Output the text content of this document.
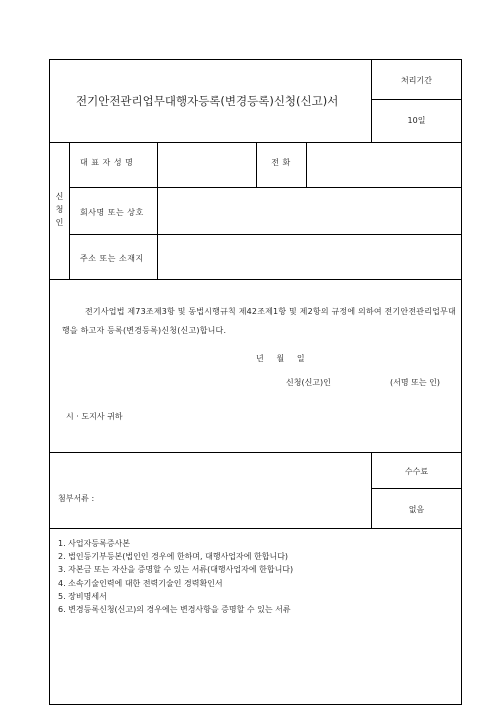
전기안전관리업무대행자등록(변경등록)신청(신고)서
처리기간
10일
신
청
인
대 표 자 성 명	전 화
회사명 또는 상호
주소 또는 소재지
전기사업법 제73조제3항 및 동법시행규칙 제42조제1항 및 제2항의 규정에 의하여 전기안전관리업무대행을 하고자 등록(변경등록)신청(신고)합니다.
년     월     일
신청(신고)인	(서명 또는 인)
시 · 도지사 귀하
첨부서류 :
수수료
없음
1. 사업자등록증사본
2. 법인등기부등본(법인인 경우에 한하며, 대행사업자에 한합니다)
3. 자본금 또는 자산을 증명할 수 있는 서류(대행사업자에 한합니다)
4. 소속기술인력에 대한 전력기술인 경력확인서
5. 장비명세서
6. 변경등록신청(신고)의 경우에는 변경사항을 증명할 수 있는 서류
